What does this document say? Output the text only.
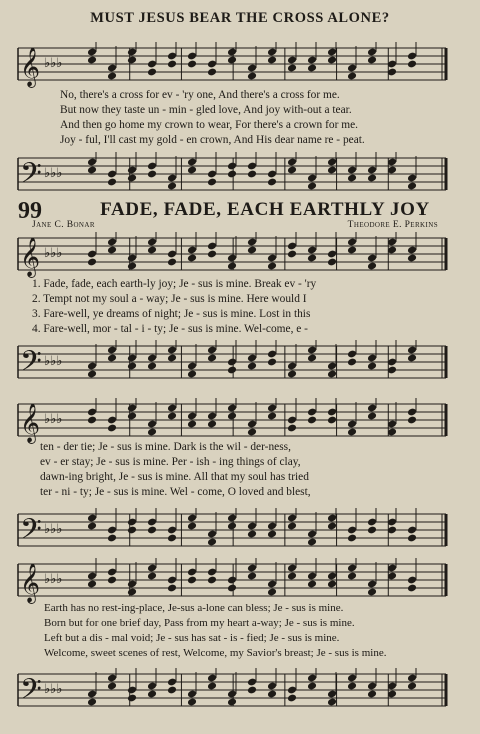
MUST JESUS BEAR THE CROSS ALONE?
𝄞 ♭♭♭
No, there's a cross for ev - 'ry one, And there's a cross for me.
But now they taste un - min - gled love, And joy with-out a tear.
And then go home my crown to wear, For there's a crown for me.
Joy - ful, I'll cast my gold - en crown, And His dear name re - peat.
𝄢 ♭♭♭
99	FADE, FADE, EACH EARTHLY JOY
Jane C. Bonar	Theodore E. Perkins
𝄞 ♭♭♭
1. Fade, fade, each earth-ly joy; Je - sus is mine. Break ev - 'ry
2. Tempt not my soul a - way; Je - sus is mine. Here would I
3. Fare-well, ye dreams of night; Je - sus is mine. Lost in this
4. Fare-well, mor - tal - i - ty; Je - sus is mine. Wel-come, e -
𝄢 ♭♭♭
𝄞 ♭♭♭
ten - der tie; Je - sus is mine. Dark is the wil - der-ness,
ev - er stay; Je - sus is mine. Per - ish - ing things of clay,
dawn-ing bright, Je - sus is mine. All that my soul has tried
ter - ni - ty; Je - sus is mine. Wel - come, O loved and blest,
𝄢 ♭♭♭
𝄞 ♭♭♭
Earth has no rest-ing-place, Je-sus a-lone can bless; Je - sus is mine.
Born but for one brief day, Pass from my heart a-way; Je - sus is mine.
Left but a dis - mal void; Je - sus has sat - is - fied; Je - sus is mine.
Welcome, sweet scenes of rest, Welcome, my Savior's breast; Je - sus is mine.
𝄢 ♭♭♭
